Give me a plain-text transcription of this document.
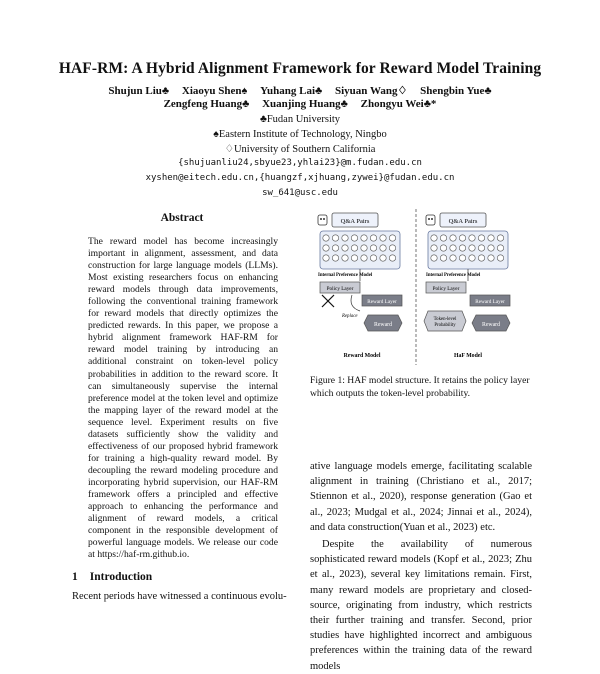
HAF-RM: A Hybrid Alignment Framework for Reward Model Training
Shujun Liu♣ Xiaoyu Shen♠ Yuhang Lai♣ Siyuan Wang♢ Shengbin Yue♣
Zengfeng Huang♣ Xuanjing Huang♣ Zhongyu Wei♣*
♣Fudan University
♠Eastern Institute of Technology, Ningbo
♢University of Southern California
{shujuanliu24,sbyue23,yhlai23}@m.fudan.edu.cn
xyshen@eitech.edu.cn,{huangzf,xjhuang,zywei}@fudan.edu.cn
sw_641@usc.edu
Abstract
The reward model has become increasingly important in alignment, assessment, and data construction for large language models (LLMs). Most existing researchers focus on enhancing reward models through data improvements, following the conventional training framework for reward models that directly optimizes the predicted rewards. In this paper, we propose a hybrid alignment framework HAF-RM for reward model training by introducing an additional constraint on token-level policy probabilities in addition to the reward score. It can simultaneously supervise the internal preference model at the token level and optimize the mapping layer of the reward model at the sequence level. Experiment results on five datasets sufficiently show the validity and effectiveness of our proposed hybrid framework for training a high-quality reward model. By decoupling the reward modeling procedure and incorporating hybrid supervision, our HAF-RM framework offers a principled and effective approach to enhancing the performance and alignment of reward models, a critical component in the responsible development of powerful language models. We release our code at https://haf-rm.github.io.
1 Introduction
Recent periods have witnessed a continuous evolu-
Q&A Pairs
Internal Preference Model
Policy Layer
Replace
Reward Layer
Reward
Reward Model
Q&A Pairs
Internal Preference Model
Policy Layer
Reward Layer
Token-level Probability	Reward
HaF Model
Figure 1: HAF model structure. It retains the policy layer which outputs the token-level probability.

ative language models emerge, facilitating scalable alignment in training (Christiano et al., 2017; Stiennon et al., 2020), response generation (Gao et al., 2023; Mudgal et al., 2024; Jinnai et al., 2024), and data construction(Yuan et al., 2023) etc.

Despite the availability of numerous sophisticated reward models (Kopf et al., 2023; Zhu et al., 2023), several key limitations remain. First, many reward models are proprietary and closed-source, originating from industry, which restricts their further training and transfer. Second, prior studies have highlighted incorrect and ambiguous preferences within the training data of the reward models
